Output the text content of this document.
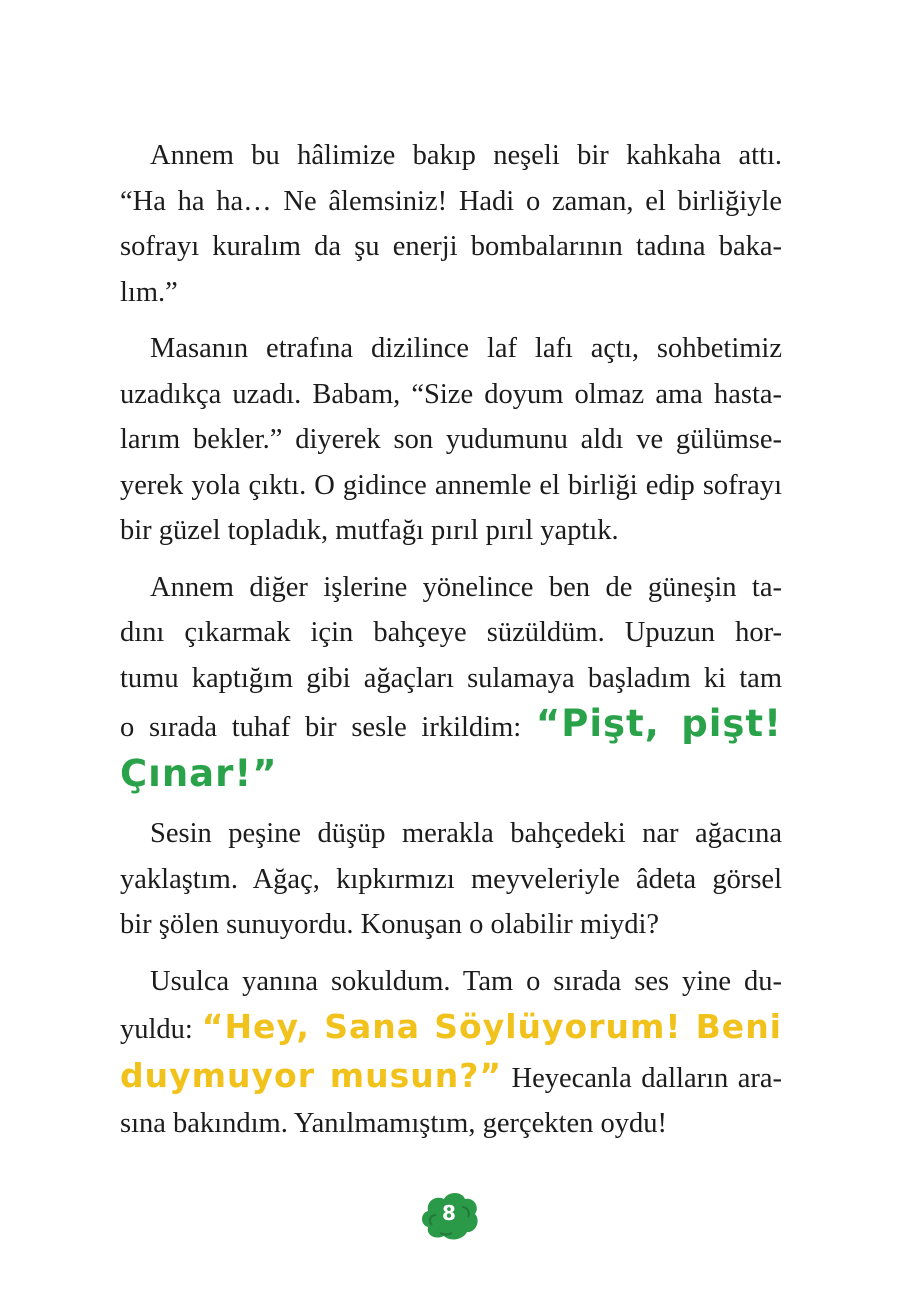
Annem bu hâlimize bakıp neşeli bir kahkaha attı.
“Ha ha ha… Ne âlemsiniz! Hadi o zaman, el birliğiyle
sofrayı kuralım da şu enerji bombalarının tadına baka-
lım.”
Masanın etrafına dizilince laf lafı açtı, sohbetimiz
uzadıkça uzadı. Babam, “Size doyum olmaz ama hasta-
larım bekler.” diyerek son yudumunu aldı ve gülümse-
yerek yola çıktı. O gidince annemle el birliği edip sofrayı
bir güzel topladık, mutfağı pırıl pırıl yaptık.
Annem diğer işlerine yönelince ben de güneşin ta-
dını çıkarmak için bahçeye süzüldüm. Upuzun hor-
tumu kaptığım gibi ağaçları sulamaya başladım ki tam
o sırada tuhaf bir sesle irkildim: “Pişt, pişt!
Çınar!”
Sesin peşine düşüp merakla bahçedeki nar ağacına
yaklaştım. Ağaç, kıpkırmızı meyveleriyle âdeta görsel
bir şölen sunuyordu. Konuşan o olabilir miydi?
Usulca yanına sokuldum. Tam o sırada ses yine du-
yuldu: “Hey, Sana Söylüyorum! Beni
duymuyor musun?” Heyecanla dalların ara-
sına bakındım. Yanılmamıştım, gerçekten oydu!
8
